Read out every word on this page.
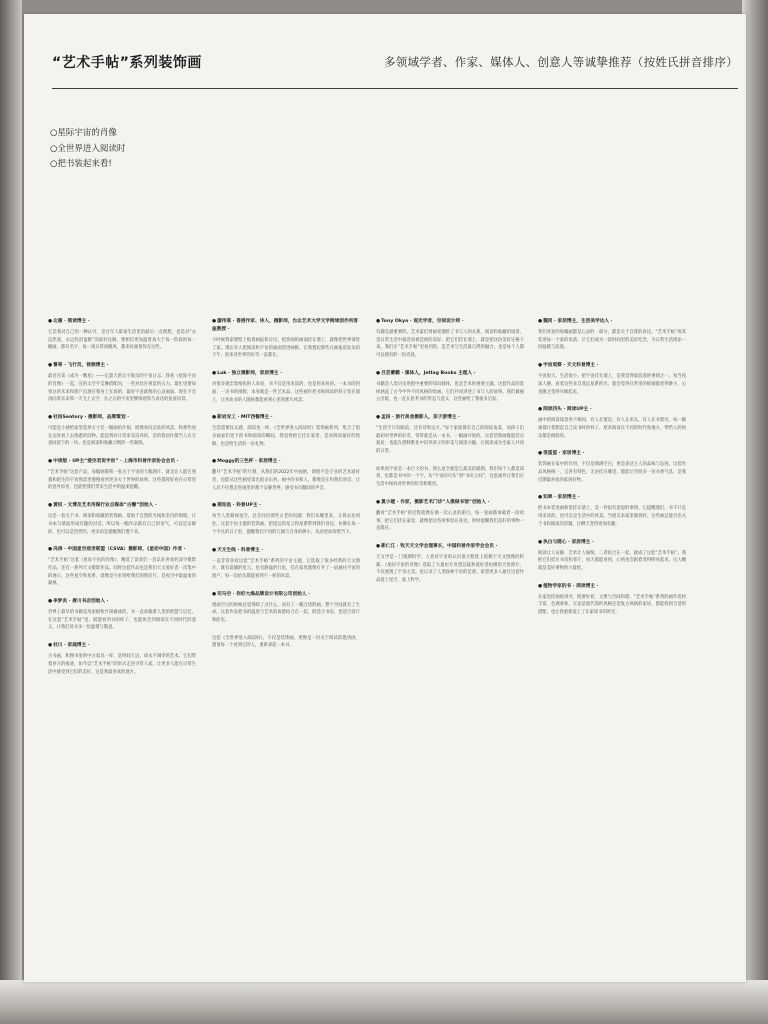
“艺术手帖”系列装饰画	多领域学者、作家、媒体人、创意人等诚挚推荐（按姓氏拼音排序）
○星际宇宙的肖像
○全世界进入阅读时
○把书装起来看!
●北雁 · 阅读博主 ·
它是我对自己的一种认可，是这年人最备生活里的最后一点理想，也是对“永远热爱，永远热泪盈眶”的最好注解。要相信更加温着真大于每一阶段的每一幅画，都有名字，每一项日常而晚风，都来好画留你在这些。
●曹寄 · 飞行员，视频博主 ·
最近在读《成为一颗星》——亿量大的太宇航员的宇宙日志。我看《星际宇宙的肖像》一起，宣的太空宇艾琳搭配问，一些对比在视觉的五力。最忙里窗如果这的未来和窗户出现在我身上在场的，最好宇宙就像的心灵画面。现在不会再向着未来那一天飞上太空，在之后的宇宙里继续观察与表达的星座风景。
●杜扬Seatory · 摄影师，品牌策划 ·
可能是小展给家里选择方寸挂一幅画的片刻，既像看向远处的风景，和那些放在远处看上去熟悉的旧物。能起到对日常审美培养的，是的我居住都当人在无意间留下的一块。也是阅读和收藏习惯的一些凝练。
●中读版 · UP主“爱空君说宇宙” · 上海市科普作家协会会员 ·
“艺术手帖”这套产品，每幅画都和一张关于宇宙的大幅图片。就是让人能在熟悉和陌生的宇宙图景里慢慢看到更多关于世界的故事。这些都将好看在日常里的意外惊喜，也能给我们带来生活中的温柔提醒。
●黄权 · 文博及艺术传媒行业自媒体“古瓣”创始人 ·
这是一套关于书、阅读和收藏的装饰画。借助于自然的光线和室内的明暗，让书本与墙面形成有趣的对话。所以每一幅作品都有自己的语气，可以是安静的，也可以是热烈的，更多的是提醒我们慢下来。
●冯涛 · 中国星空观世联盟（CSVA）摄影师，《星动中国》作者 ·
“艺术手帖”这套《星际宇宙的肖像》，精选了读者们一直以来喜欢的深空摄影作品，还有一系列天文摄影作品。同时这套作品也是我们天文爱好者一次集中的展示，这些星空和星系，就像是宇宙寄给我们的明信片，是夜空中最温柔的凝视。
●李梦炎 · 唐川书店创始人 ·
世界上最早的书籍是用泥板和竹简做成的，书一直承载着人类的智慧与记忆。在这套“艺术手帖”里，既能看到书的样子，也能体会到阅读在不同时代的意义，让我们对书多一份温情与敬意。
●杜川 · 家庭博主 ·
古书画，和图书里的中古家具一样，是时间久远、却永不凋零的艺术。它们带着岁月的痕迹，如今以“艺术手帖”的形式走进寻常人家，让更多人能在日常生活中感受到它们的美好，这是我最喜欢的地方。
●廖伟棠 · 香港作家、诗人、摄影师，台北艺术大学文学跨域创作所客座教授 ·
小时候我家墙壁上贴着画报和日历，把热闹的画面挂在墙上，就像把世界请进了家。现在有人把阅读和宇宙的画面装进画框，让我想起那些在画报前发呆的下午，原来对世界的好奇一直都在。
●Luk · 独立摄影师，家居博主 ·
对很多迷恋着纸张的人来说，书不仅是用来读的，也是用来看的。一本书的封面、一页书的排版，本身就是一件艺术品。这些画作把书和阅读的样子留在墙上，让喜欢书的人随时都能看到心里的那片风景。
●新岩安工 · MIT西餐博主 ·
生活需要仪式感，阅读也一样。《全世界进入阅读时》装饰画系列，集合了很多画家们笔下的书和阅读的瞬间，我觉得把它挂在家里，是对阅读最好的致敬，也是给生活的一份礼物。
●Moggy的三色杯 · 家居博主 ·
翻开“艺术手帖”的片刻，从我们的2022年中画展，即使不是专业的艺术爱好者，也能从这些画里读出很多东西。画中的书和人，都像是在和我们对话，让人忍不住想走进画里的那个安静世界，感受书页翻动的声音。
●燕知鱼 · 科普UP主 ·
每当人类凝视星空，总会问出那些古老的问题：我们从哪里来，又将去往何处。这套宇宙主题的装饰画，把遥远的星云和星系带到我们身边，仿佛在每一个平凡的日子里，提醒我们宇宙的辽阔与自身的渺小，从而更加珍惜当下。
●天文生线 · 科普博主 ·
一直非常喜欢这套“艺术手帖”系列的宇宙主题，它选取了很多经典的天文图片，既有震撼的星云，也有静谧的行星，挂在家里就像打开了一扇通往宇宙的窗户，每一次抬头都能看到不一样的风景。
●司马空 · 你好大海品牌设计有限公司创始人 ·
墙面空白的时候总觉得缺了点什么，而有了一幅合适的画，整个空间就有了生命。这套作品把书的温度与艺术的质感结合在一起，既适合书房，也适合客厅和卧室。
这套《全世界进入阅读时》，不仅是装饰画，更像是一份关于阅读的邀请函，邀请每一个看到它的人，重新拿起一本书。
●Tony Okyo · 观光学者，空间设计师 ·
有趣是最重要的。艺术家们用画笔描绘了书与人的关系，阅读和收藏的场景，是日常生活中最容易被忽视的美好。把它们挂在墙上，就是把这份美好定格下来。我们在“艺术手帖”里看到的，是艺术与生活最自然的融合，也是每个人都可以拥有的一份诗意。
●吕芸蕾鹏 · 媒体人，Jetlag Books 主理人 ·
书籍是人类历史进程中重要的知识载体，也是艺术的重要主题。这套作品的选择涵盖了古今中外不同风格的绘画，它们共同讲述了书与人的故事。我们做独立出版，也一直在思考书的形态与意义，这些画给了我很多启发。
●孟扬 · 旅行美食摄影人，亲子游博主 ·
“生活不只有眼前，还有诗和远方。”每个家庭都有自己的阅读角落，而孩子们最初对世界的好奇，常常就是从一本书、一幅画开始的。这套装饰画既能装点家居，也能在潜移默化中培养孩子的审美与阅读兴趣，让阅读成为全家人共同的日常。
如果说宇宙是一本巨大的书，那么星空就是它最美的插图。我们每个人都是读者，也都是书中的一个字。从“宇宙的尽头”到“书页之间”，这套画作让我们在生活中保持对世界的好奇和敬畏。
●夏小暖 · 作家，摄影艺术门诊“人像做书馆”创始人 ·
翻看“艺术手帖”的过程就像在做一次心灵的旅行，每一张画都承载着一段故事。把它们挂在家里，就像把这些故事留在身边，时时提醒我们美好的事物一直都在。
●新仁江 · 牧天天文学会理事长，中国科普作家学会会员 ·
天文学是一门观测科学，人类对宇宙的认识很大程度上依赖于天文图像的积累。《星际宇宙的肖像》选取了大量由专业望远镜和爱好者拍摄的天体照片，不仅展现了宇宙之美，也记录了人类探索宇宙的足迹。希望更多人通过这套作品爱上星空，爱上科学。
●魏同 · 家居博主，生活美学达人 ·
我们喜欢的每幅画都是心灵的一部分，都是关于自我的表达。“艺术手帖”将其装进每一个家的角落，让它们成为一段时间里的美好纪念，为日常生活增添一份温暖与浪漫。
●宇宙观察 · 天文科普博主 ·
宇宙很大，生活很小。把宇宙挂在墙上，是我觉得最浪漫的事情之一。每当夜深人静，看着这些来自遥远星系的光，就会觉得日常里的烦恼都变得渺小，心也随之变得开阔起来。
●阅读四头 · 阅读UP主 ·
画中的阅读场景各不相同，有人在窗边，有人在床头，有人在书架旁。每一幅画都让我想起自己读书时的样子，原来阅读在不同的时代和地方，带给人的快乐都是相似的。
●很蛋蛋 · 家居博主 ·
装饰画在家中的作用，不仅是填满空白，更是表达主人的品味与态度。这套作品风格统一，又各有特色，无论挂在哪里，都能让空间多一份书香气息，是我近期最喜欢的家居好物。
●知翠 · 家居博主 ·
把书本装进画框里挂在墙上，是一件很有意思的事情。它提醒我们，书不只是用来读的，也可以是生活中的风景。当朋友来家里做客时，这些画总能引出关于书和阅读的话题，让聊天变得更加有趣。
●执白与随心 · 家居博主 ·
阅读让人安静，艺术让人愉悦，二者结合在一起，就成了这套“艺术手帖”。我把它们挂在书房和客厅，每天都能看到，心情也会跟着变得明亮起来，这大概就是美好事物的力量吧。
●植物学家的书 · 阅读博主 ·
在家里挂画很讲究，既要好看，又要与空间和谐。“艺术手帖”系列的画作选材丰富，色调柔和，无论是现代简约风格还是复古风格的家居，都能找到合适的搭配，也让我重新爱上了在家读书的时光。
